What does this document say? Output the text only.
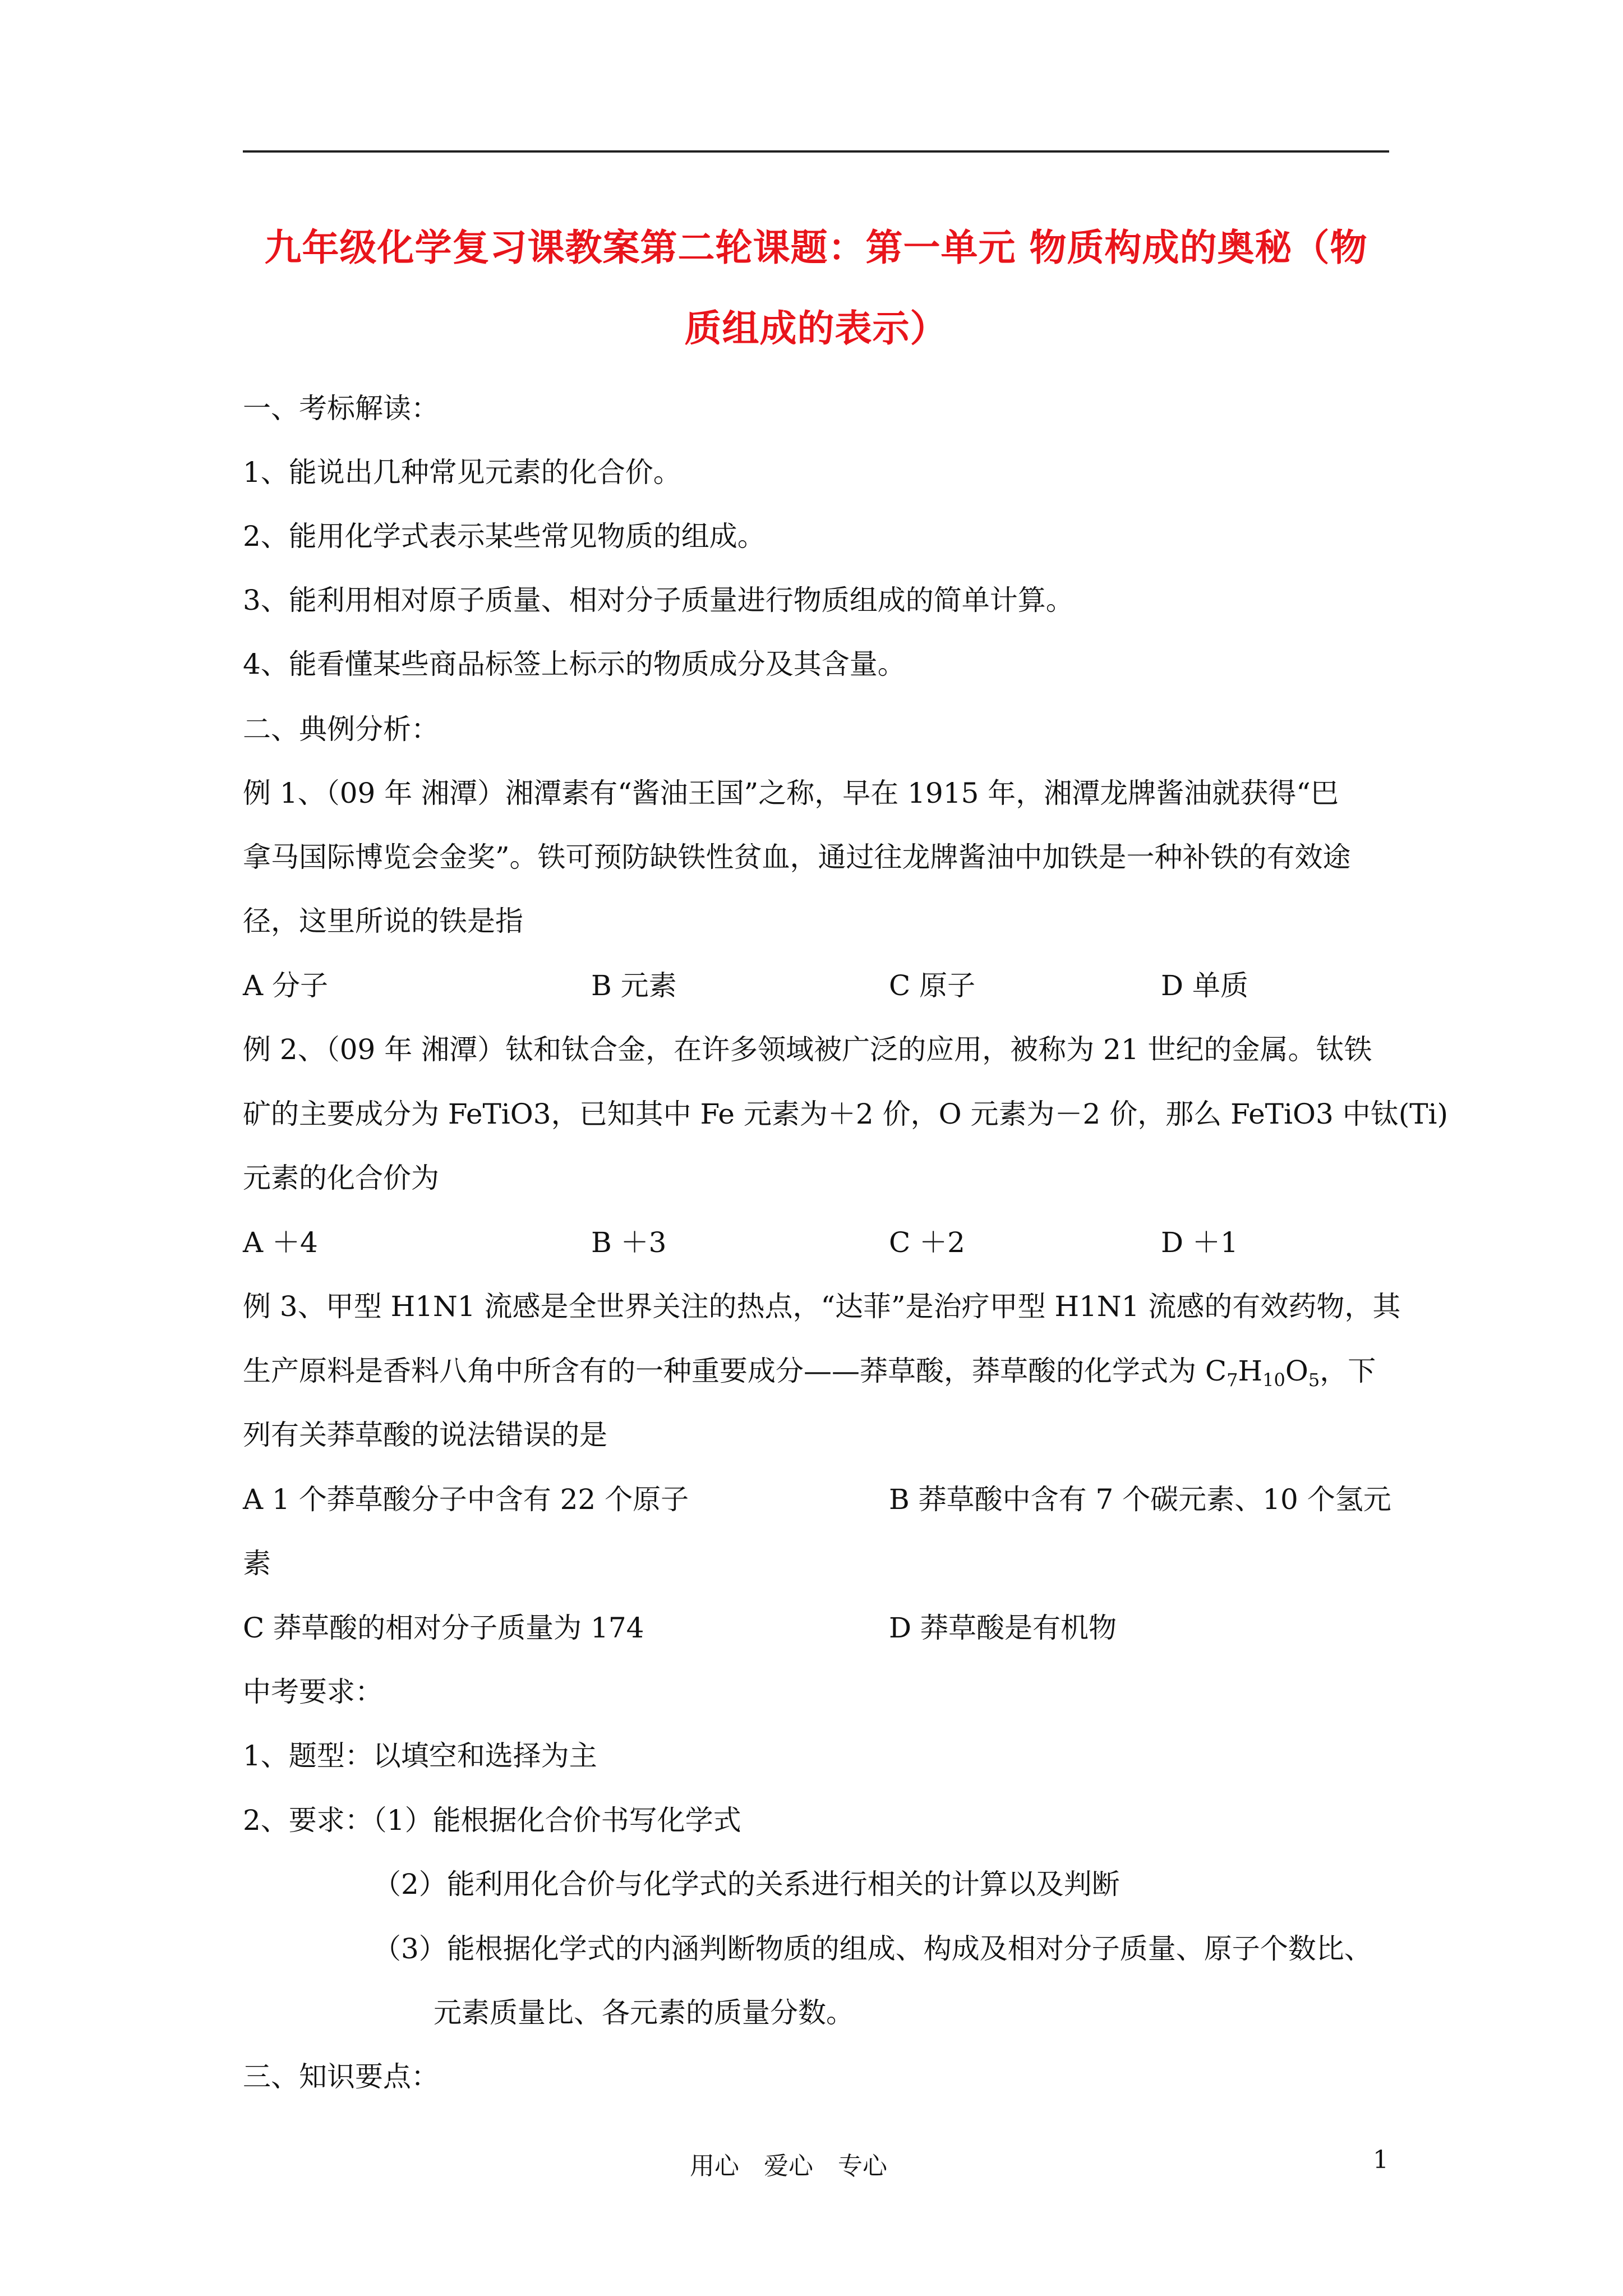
九年级化学复习课教案第二轮课题：第一单元 物质构成的奥秘（物
质组成的表示）
一、考标解读：
1、能说出几种常见元素的化合价。
2、能用化学式表示某些常见物质的组成。
3、能利用相对原子质量、相对分子质量进行物质组成的简单计算。
4、能看懂某些商品标签上标示的物质成分及其含量。
二、典例分析：
例 1、（09 年 湘潭）湘潭素有“酱油王国”之称，早在 1915 年，湘潭龙牌酱油就获得“巴
拿马国际博览会金奖”。铁可预防缺铁性贫血，通过往龙牌酱油中加铁是一种补铁的有效途
径，这里所说的铁是指
A 分子	B 元素	C 原子	D 单质
例 2、（09 年 湘潭）钛和钛合金，在许多领域被广泛的应用，被称为 21 世纪的金属。钛铁
矿的主要成分为 FeTiO3，已知其中 Fe 元素为＋2 价，O 元素为－2 价，那么 FeTiO3 中钛(Ti)
元素的化合价为
A ＋4	B ＋3	C ＋2	D ＋1
例 3、甲型 H1N1 流感是全世界关注的热点，“达菲”是治疗甲型 H1N1 流感的有效药物，其
生产原料是香料八角中所含有的一种重要成分——莽草酸，莽草酸的化学式为 $C_7H_{10}O_5$，下
列有关莽草酸的说法错误的是
A 1 个莽草酸分子中含有 22 个原子	B 莽草酸中含有 7 个碳元素、10 个氢元
素
C 莽草酸的相对分子质量为 174	D 莽草酸是有机物
中考要求：
1、题型：以填空和选择为主
2、要求：（1）能根据化合价书写化学式
（2）能利用化合价与化学式的关系进行相关的计算以及判断
（3）能根据化学式的内涵判断物质的组成、构成及相对分子质量、原子个数比、
元素质量比、各元素的质量分数。
三、知识要点：
用心　爱心　专心	1
